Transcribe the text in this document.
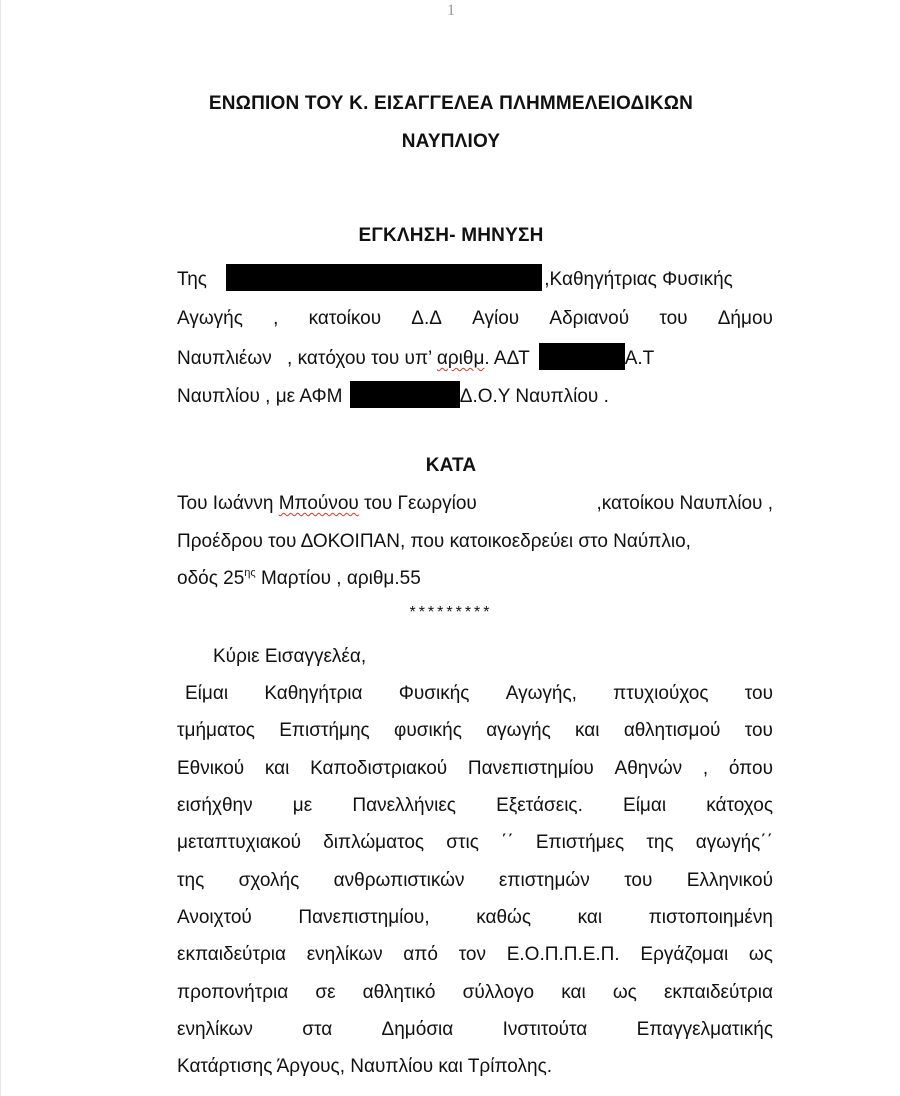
1
ΕΝΩΠΙΟΝ ΤΟΥ Κ. ΕΙΣΑΓΓΕΛΕΑ ΠΛΗΜΜΕΛΕΙΟΔΙΚΩΝ
ΝΑΥΠΛΙΟΥ
ΕΓΚΛΗΣΗ- ΜΗΝΥΣΗ
Της	,Καθηγήτριας Φυσικής
Αγωγής , κατοίκου Δ.Δ Αγίου Αδριανού του Δήμου
Ναυπλιέων , κατόχου του υπ’ αριθμ. ΑΔΤ	Α.Τ
Ναυπλίου , με ΑΦΜ	Δ.Ο.Υ Ναυπλίου .
ΚΑΤΑ
Του Ιωάννη Μπούνου του Γεωργίου	,κατοίκου Ναυπλίου ,
Προέδρου του ΔΟΚΟΙΠΑΝ, που κατοικοεδρεύει στο Ναύπλιο,
οδός $25^{\eta\varsigma}$ Μαρτίου , αριθμ.55
*********
Κύριε Εισαγγελέα,
Είμαι Καθηγήτρια Φυσικής Αγωγής, πτυχιούχος του
τμήματος Επιστήμης φυσικής αγωγής και αθλητισμού του
Εθνικού και Καποδιστριακού Πανεπιστημίου Αθηνών , όπου
εισήχθην με Πανελλήνιες Εξετάσεις. Είμαι κάτοχος
μεταπτυχιακού διπλώματος στις ΄΄ Επιστήμες της αγωγής΄΄
της σχολής ανθρωπιστικών επιστημών του Ελληνικού
Ανοιχτού Πανεπιστημίου, καθώς και πιστοποιημένη
εκπαιδεύτρια ενηλίκων από τον Ε.Ο.Π.Π.Ε.Π. Εργάζομαι ως
προπονήτρια σε αθλητικό σύλλογο και ως εκπαιδεύτρια
ενηλίκων	στα	Δημόσια	Ινστιτούτα	Επαγγελματικής
Κατάρτισης Άργους, Ναυπλίου και Τρίπολης.
